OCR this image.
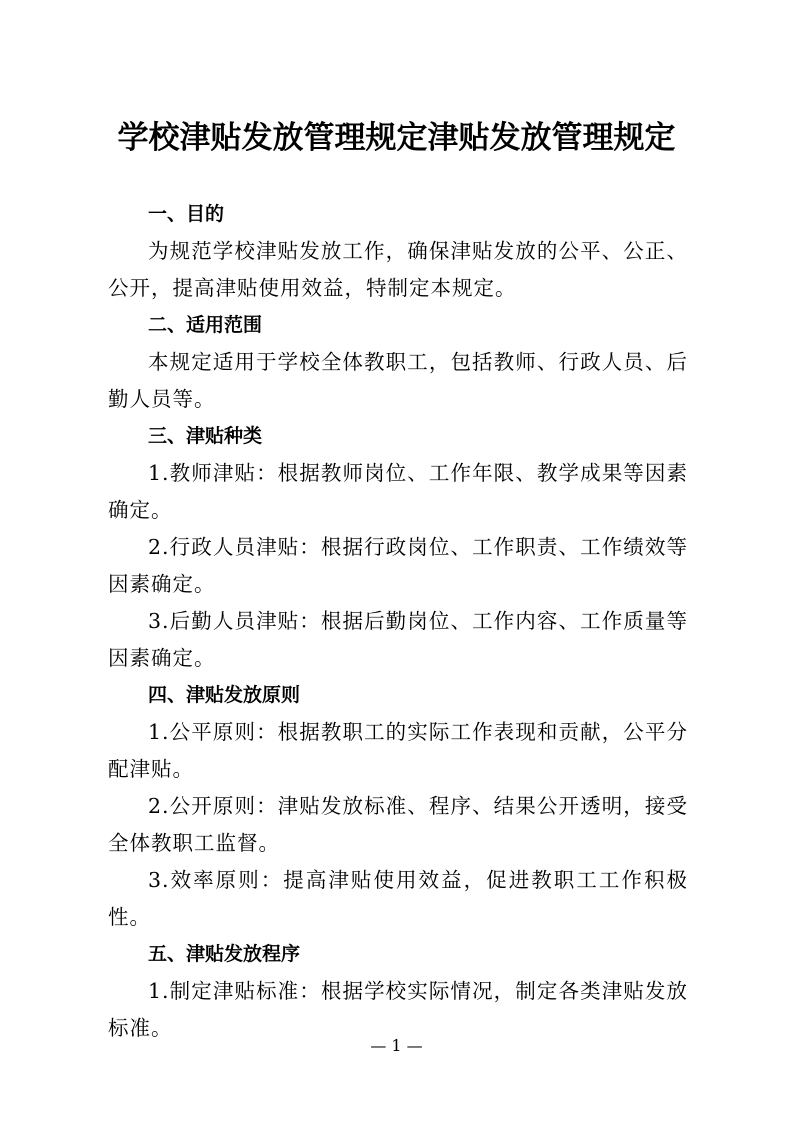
学校津贴发放管理规定津贴发放管理规定

一、目的

为规范学校津贴发放工作，确保津贴发放的公平、公正、公开，提高津贴使用效益，特制定本规定。

二、适用范围

本规定适用于学校全体教职工，包括教师、行政人员、后勤人员等。

三、津贴种类

1.教师津贴：根据教师岗位、工作年限、教学成果等因素确定。

2.行政人员津贴：根据行政岗位、工作职责、工作绩效等因素确定。

3.后勤人员津贴：根据后勤岗位、工作内容、工作质量等因素确定。

四、津贴发放原则

1.公平原则：根据教职工的实际工作表现和贡献，公平分配津贴。

2.公开原则：津贴发放标准、程序、结果公开透明，接受全体教职工监督。

3.效率原则：提高津贴使用效益，促进教职工工作积极性。

五、津贴发放程序

1.制定津贴标准：根据学校实际情况，制定各类津贴发放标准。

— 1 —
